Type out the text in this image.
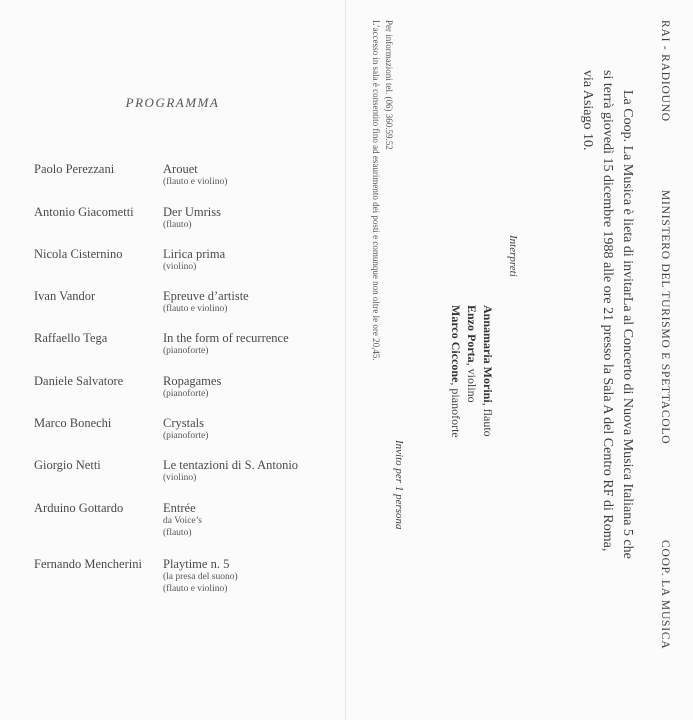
PROGRAMMA
Paolo Perezzani	Arouet
(flauto e violino)
Antonio Giacometti Der Umriss
(flauto)
Nicola Cisternino	Lirica prima
(violino)
Ivan Vandor	Epreuve d’artiste
(flauto e violino)
Raffaello Tega	In the form of recurrence
(pianoforte)
Daniele Salvatore	Ropagames
(pianoforte)
Marco Bonechi	Crystals
(pianoforte)
Giorgio Netti	Le tentazioni di S. Antonio
(violino)
Arduino Gottardo	Entrée
da Voice’s
(flauto)
Fernando Mencherini Playtime n. 5
(la presa del suono)
(flauto e violino)
RAI - RADIOUNO
MINISTERO DEL TURISMO E SPETTACOLO
COOP. LA MUSICA
La Coop. La Musica è lieta di invitarLa al Concerto di Nuova Musica Italiana 5 che
si terrà giovedì 15 dicembre 1988 alle ore 21 presso la Sala A del Centro RF di Roma,
via Asiago 10.
Interpreti
Annamaria Morini, flauto
Enzo Porta, violino
Marco Ciccone, pianoforte
Per informazioni tel. (06) 360.59.52
L’accesso in sala è consentito fino ad esaurimento dei posti e comunque non oltre le ore 20,45.
Invito per 1 persona
